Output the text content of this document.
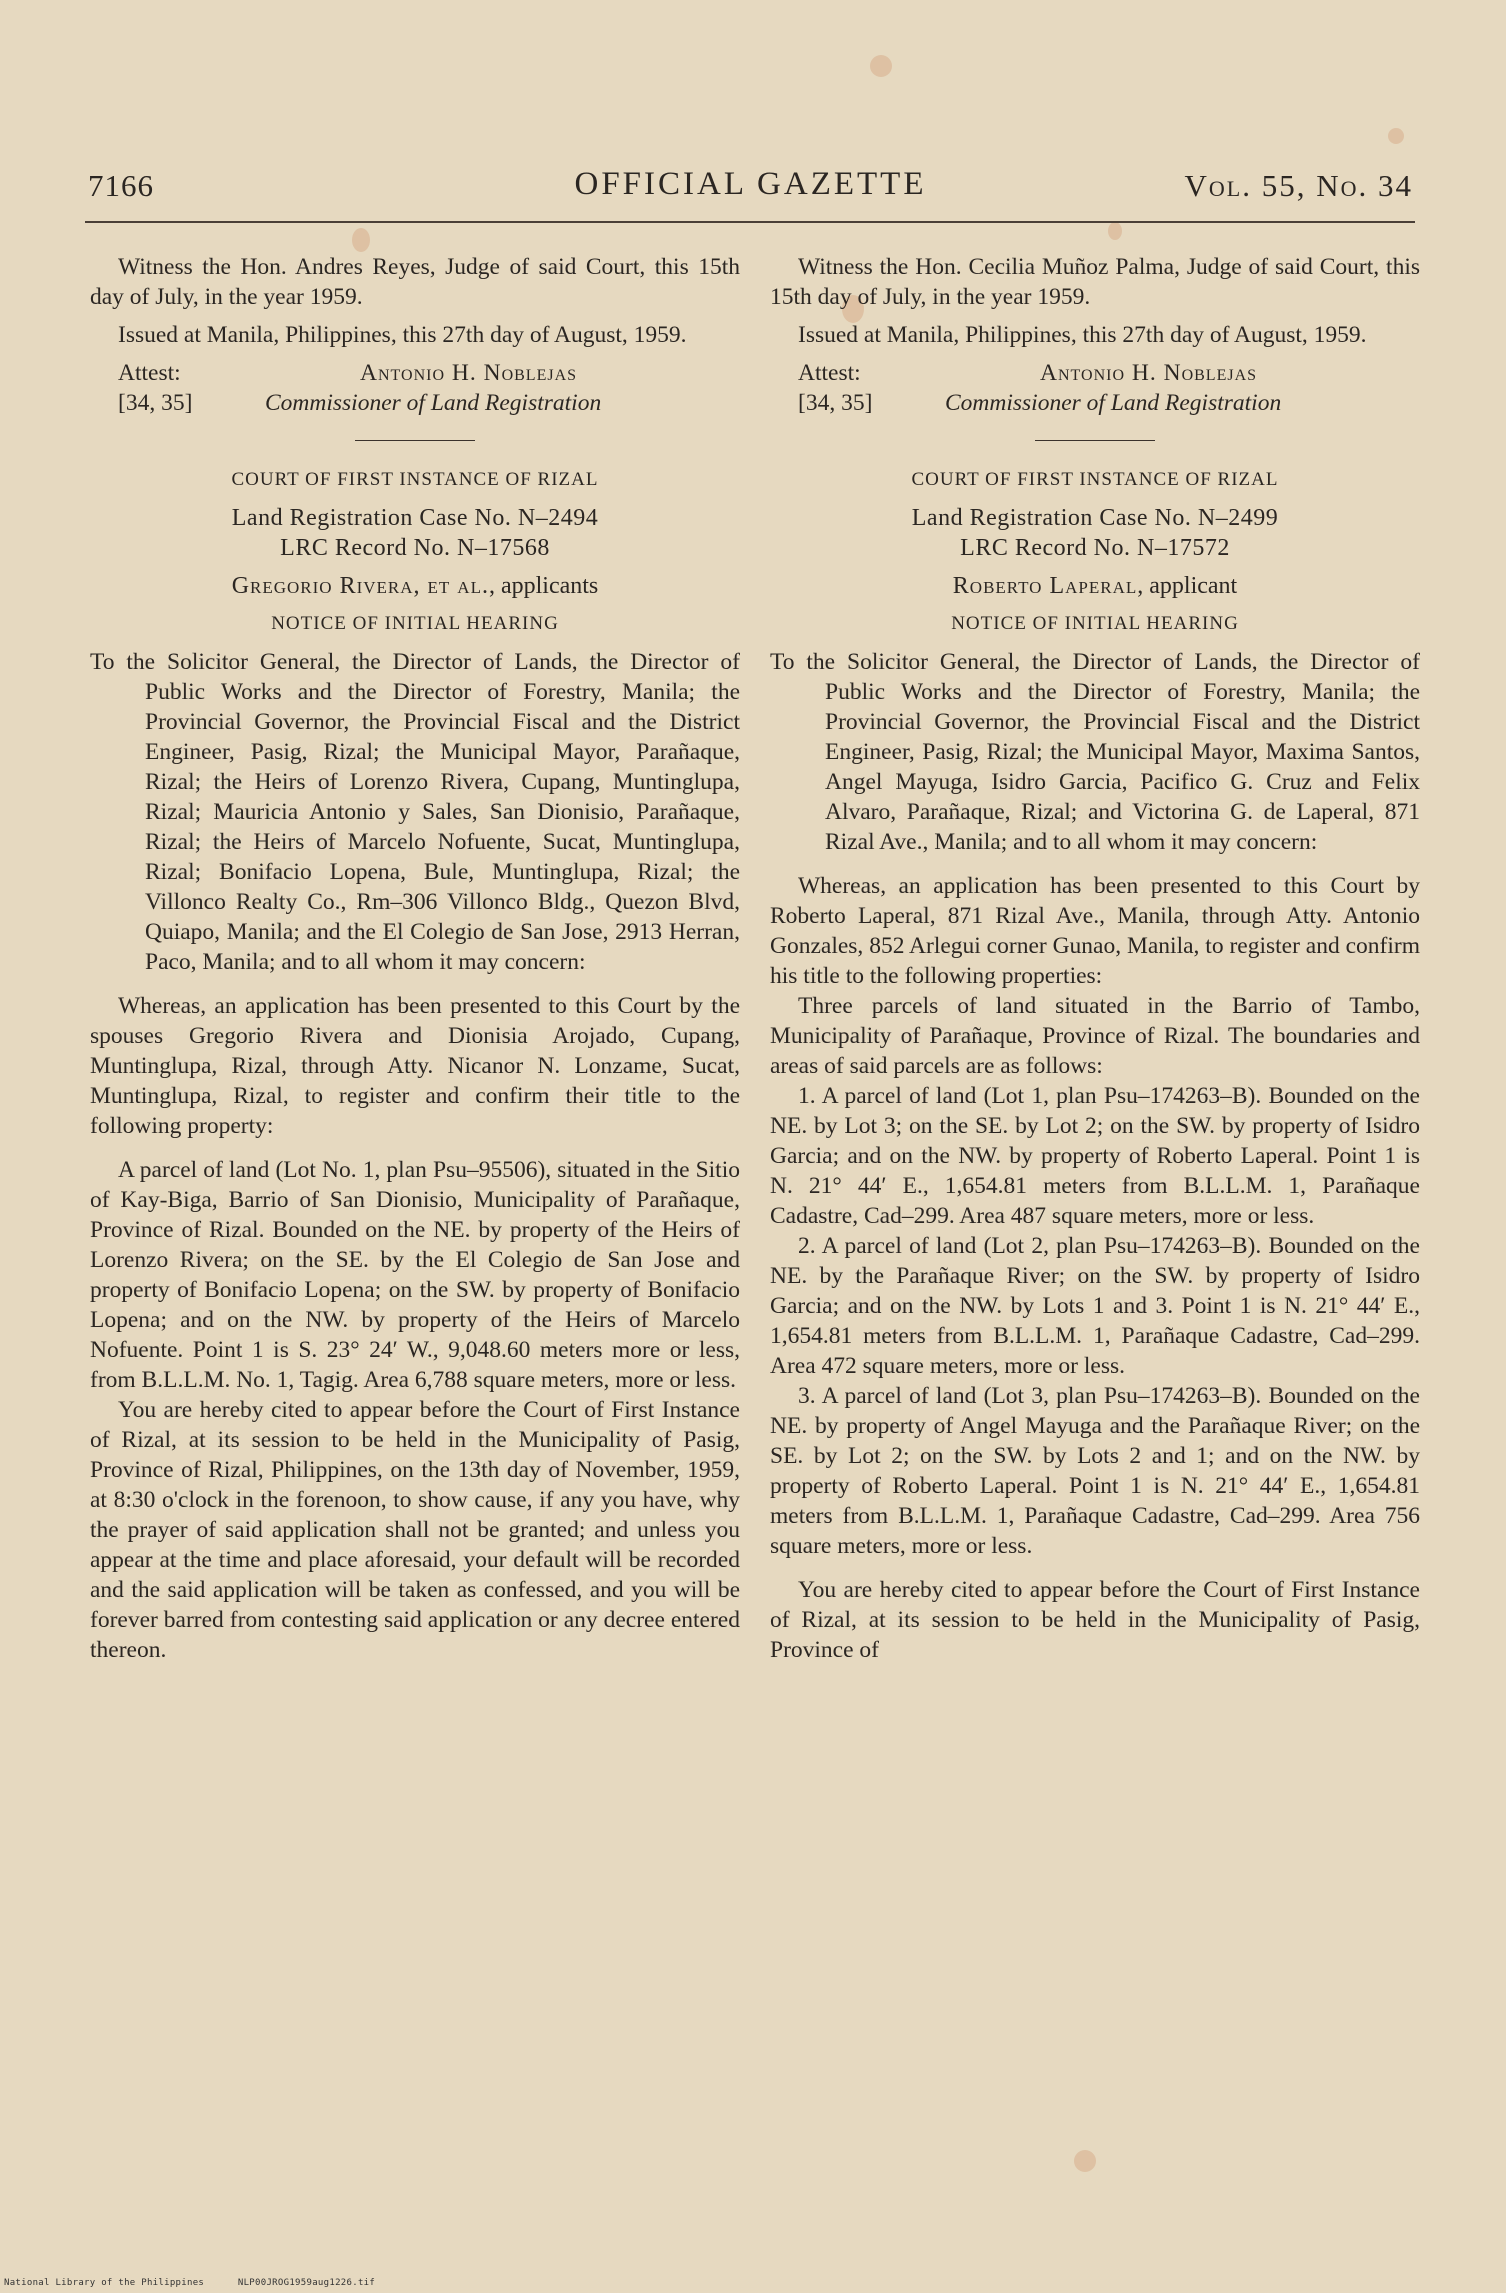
7166	OFFICIAL GAZETTE	Vol. 55, No. 34

Witness the Hon. Andres Reyes, Judge of said Court, this 15th day of July, in the year 1959.

Issued at Manila, Philippines, this 27th day of August, 1959.

Attest:	Antonio H. Noblejas
[34, 35]	Commissioner of Land Registration

COURT OF FIRST INSTANCE OF RIZAL

Land Registration Case No. N–2494

LRC Record No. N–17568

Gregorio Rivera, et al., applicants

NOTICE OF INITIAL HEARING

To the Solicitor General, the Director of Lands, the Director of Public Works and the Director of Forestry, Manila; the Provincial Governor, the Provincial Fiscal and the District Engineer, Pasig, Rizal; the Municipal Mayor, Parañaque, Rizal; the Heirs of Lorenzo Rivera, Cupang, Muntinglupa, Rizal; Mauricia Antonio y Sales, San Dionisio, Parañaque, Rizal; the Heirs of Marcelo Nofuente, Sucat, Muntinglupa, Rizal; Bonifacio Lopena, Bule, Muntinglupa, Rizal; the Villonco Realty Co., Rm–306 Villonco Bldg., Quezon Blvd, Quiapo, Manila; and the El Colegio de San Jose, 2913 Herran, Paco, Manila; and to all whom it may concern:

Whereas, an application has been presented to this Court by the spouses Gregorio Rivera and Dionisia Arojado, Cupang, Muntinglupa, Rizal, through Atty. Nicanor N. Lonzame, Sucat, Muntinglupa, Rizal, to register and confirm their title to the following property:

A parcel of land (Lot No. 1, plan Psu–95506), situated in the Sitio of Kay-Biga, Barrio of San Dionisio, Municipality of Parañaque, Province of Rizal. Bounded on the NE. by property of the Heirs of Lorenzo Rivera; on the SE. by the El Colegio de San Jose and property of Bonifacio Lopena; on the SW. by property of Bonifacio Lopena; and on the NW. by property of the Heirs of Marcelo Nofuente. Point 1 is S. 23° 24′ W., 9,048.60 meters more or less, from B.L.L.M. No. 1, Tagig. Area 6,788 square meters, more or less.

You are hereby cited to appear before the Court of First Instance of Rizal, at its session to be held in the Municipality of Pasig, Province of Rizal, Philippines, on the 13th day of November, 1959, at 8:30 o'clock in the forenoon, to show cause, if any you have, why the prayer of said application shall not be granted; and unless you appear at the time and place aforesaid, your default will be recorded and the said application will be taken as confessed, and you will be forever barred from contesting said application or any decree entered thereon.

Witness the Hon. Cecilia Muñoz Palma, Judge of said Court, this 15th day of July, in the year 1959.

Issued at Manila, Philippines, this 27th day of August, 1959.

Attest:	Antonio H. Noblejas
[34, 35]	Commissioner of Land Registration

COURT OF FIRST INSTANCE OF RIZAL

Land Registration Case No. N–2499

LRC Record No. N–17572

Roberto Laperal, applicant

NOTICE OF INITIAL HEARING

To the Solicitor General, the Director of Lands, the Director of Public Works and the Director of Forestry, Manila; the Provincial Governor, the Provincial Fiscal and the District Engineer, Pasig, Rizal; the Municipal Mayor, Maxima Santos, Angel Mayuga, Isidro Garcia, Pacifico G. Cruz and Felix Alvaro, Parañaque, Rizal; and Victorina G. de Laperal, 871 Rizal Ave., Manila; and to all whom it may concern:

Whereas, an application has been presented to this Court by Roberto Laperal, 871 Rizal Ave., Manila, through Atty. Antonio Gonzales, 852 Arlegui corner Gunao, Manila, to register and confirm his title to the following properties:

Three parcels of land situated in the Barrio of Tambo, Municipality of Parañaque, Province of Rizal. The boundaries and areas of said parcels are as follows:

1. A parcel of land (Lot 1, plan Psu–174263–B). Bounded on the NE. by Lot 3; on the SE. by Lot 2; on the SW. by property of Isidro Garcia; and on the NW. by property of Roberto Laperal. Point 1 is N. 21° 44′ E., 1,654.81 meters from B.L.L.M. 1, Parañaque Cadastre, Cad–299. Area 487 square meters, more or less.

2. A parcel of land (Lot 2, plan Psu–174263–B). Bounded on the NE. by the Parañaque River; on the SW. by property of Isidro Garcia; and on the NW. by Lots 1 and 3. Point 1 is N. 21° 44′ E., 1,654.81 meters from B.L.L.M. 1, Parañaque Cadastre, Cad–299. Area 472 square meters, more or less.

3. A parcel of land (Lot 3, plan Psu–174263–B). Bounded on the NE. by property of Angel Mayuga and the Parañaque River; on the SE. by Lot 2; on the SW. by Lots 2 and 1; and on the NW. by property of Roberto Laperal. Point 1 is N. 21° 44′ E., 1,654.81 meters from B.L.L.M. 1, Parañaque Cadastre, Cad–299. Area 756 square meters, more or less.

You are hereby cited to appear before the Court of First Instance of Rizal, at its session to be held in the Municipality of Pasig, Province of

National Library of the Philippines	NLP00JROG1959aug1226.tif
